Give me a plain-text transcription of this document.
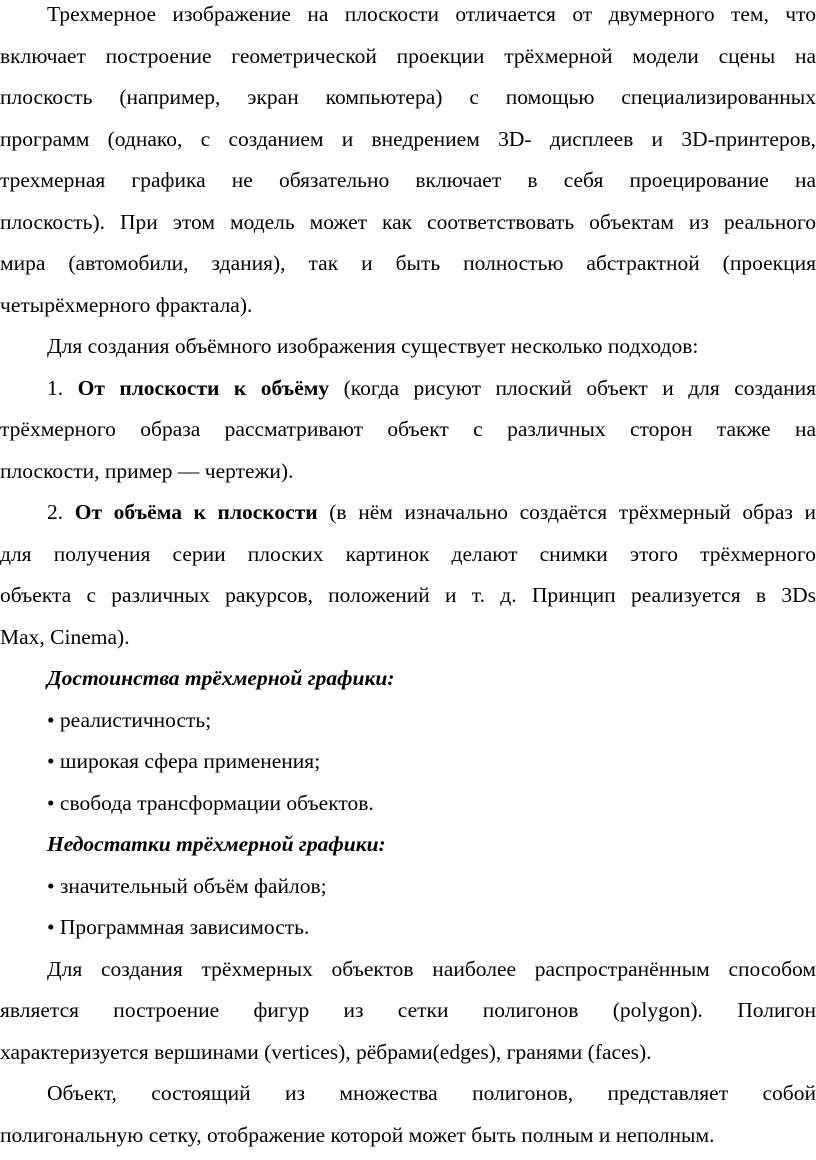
Трехмерное изображение на плоскости отличается от двумерного тем, что
включает построение геометрической проекции трёхмерной модели сцены на
плоскость (например, экран компьютера) с помощью специализированных
программ (однако, с созданием и внедрением 3D- дисплеев и 3D-принтеров,
трехмерная графика не обязательно включает в себя проецирование на
плоскость). При этом модель может как соответствовать объектам из реального
мира (автомобили, здания), так и быть полностью абстрактной (проекция
четырёхмерного фрактала).
Для создания объёмного изображения существует несколько подходов:
1. От плоскости к объёму (когда рисуют плоский объект и для создания
трёхмерного образа рассматривают объект с различных сторон также на
плоскости, пример — чертежи).
2. От объёма к плоскости (в нём изначально создаётся трёхмерный образ и
для получения серии плоских картинок делают снимки этого трёхмерного
объекта с различных ракурсов, положений и т. д. Принцип реализуется в 3Ds
Max, Cinema).
Достоинства трёхмерной графики:
• реалистичность;
• широкая сфера применения;
• свобода трансформации объектов.
Недостатки трёхмерной графики:
• значительный объём файлов;
• Программная зависимость.
Для создания трёхмерных объектов наиболее распространённым способом
является построение фигур из сетки полигонов (polygon). Полигон
характеризуется вершинами (vertices), рёбрами(edges), гранями (faces).
Объект, состоящий из множества полигонов, представляет собой
полигональную сетку, отображение которой может быть полным и неполным.
